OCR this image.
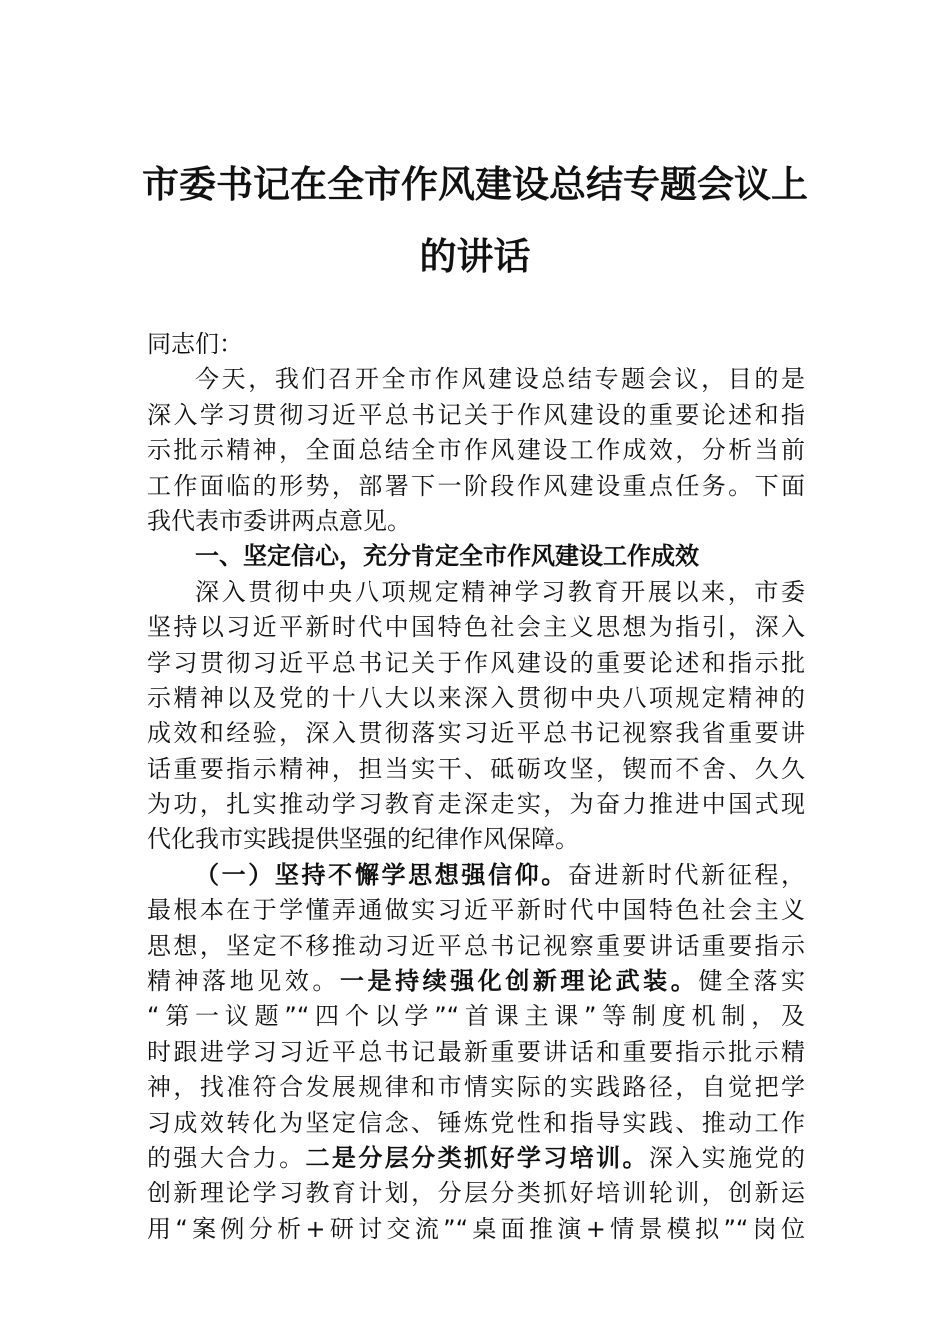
市委书记在全市作风建设总结专题会议上
的讲话
同志们：
今天，我们召开全市作风建设总结专题会议，目的是
深入学习贯彻习近平总书记关于作风建设的重要论述和指
示批示精神，全面总结全市作风建设工作成效，分析当前
工作面临的形势，部署下一阶段作风建设重点任务。下面
我代表市委讲两点意见。
一、坚定信心，充分肯定全市作风建设工作成效
深入贯彻中央八项规定精神学习教育开展以来，市委
坚持以习近平新时代中国特色社会主义思想为指引，深入
学习贯彻习近平总书记关于作风建设的重要论述和指示批
示精神以及党的十八大以来深入贯彻中央八项规定精神的
成效和经验，深入贯彻落实习近平总书记视察我省重要讲
话重要指示精神，担当实干、砥砺攻坚，锲而不舍、久久
为功，扎实推动学习教育走深走实，为奋力推进中国式现
代化我市实践提供坚强的纪律作风保障。
（一）坚持不懈学思想强信仰。奋进新时代新征程，
最根本在于学懂弄通做实习近平新时代中国特色社会主义
思想，坚定不移推动习近平总书记视察重要讲话重要指示
精神落地见效。一是持续强化创新理论武装。健全落实
“第一议题”“四个以学”“首课主课”等制度机制，及
时跟进学习习近平总书记最新重要讲话和重要指示批示精
神，找准符合发展规律和市情实际的实践路径，自觉把学
习成效转化为坚定信念、锤炼党性和指导实践、推动工作
的强大合力。二是分层分类抓好学习培训。深入实施党的
创新理论学习教育计划，分层分类抓好培训轮训，创新运
用“案例分析+研讨交流”“桌面推演+情景模拟”“岗位
